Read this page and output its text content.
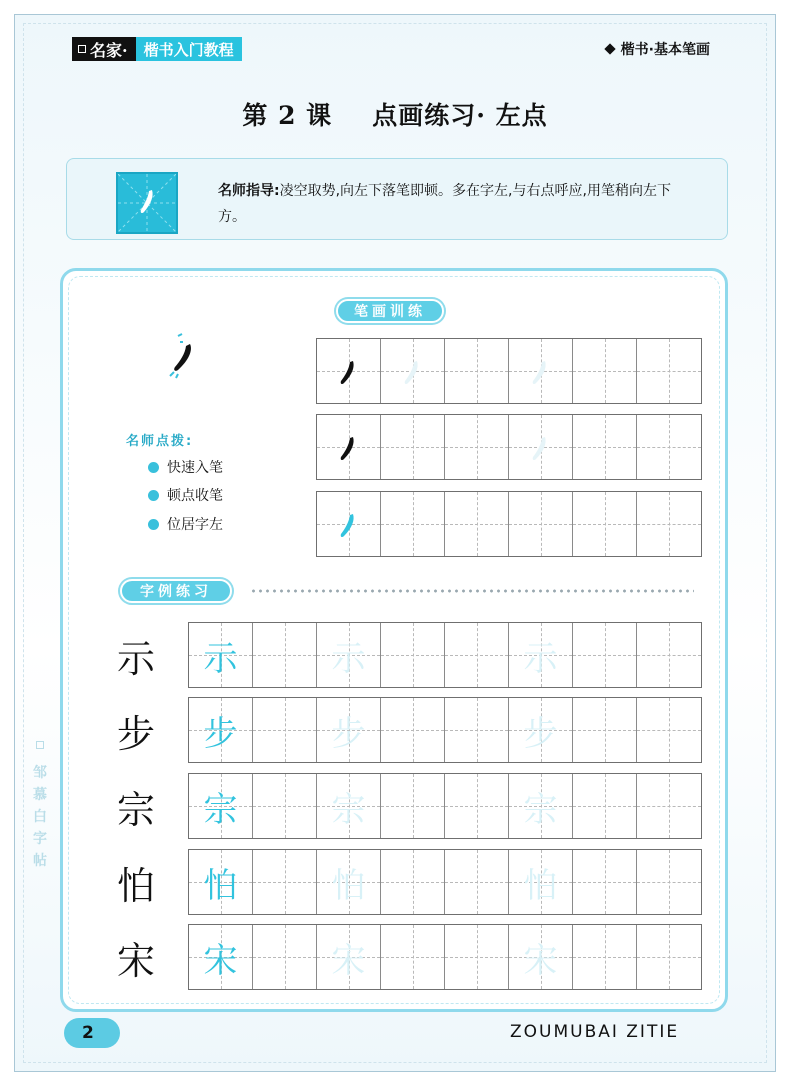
名家·	楷书入门教程	楷书·基本笔画
第 2 课 点画练习· 左点
名师指导:凌空取势,向左下落笔即顿。多在字左,与右点呼应,用笔稍向左下方。
笔画训练
名师点拨:
快速入笔
顿点收笔
位居字左
字例练习
示
步
宗
怕
宋
示	示	示
步	步	步
宗	宗	宗
怕	怕	怕
宋	宋	宋

邹
慕
白
字
帖
2	ZOUMUBAI ZITIE
